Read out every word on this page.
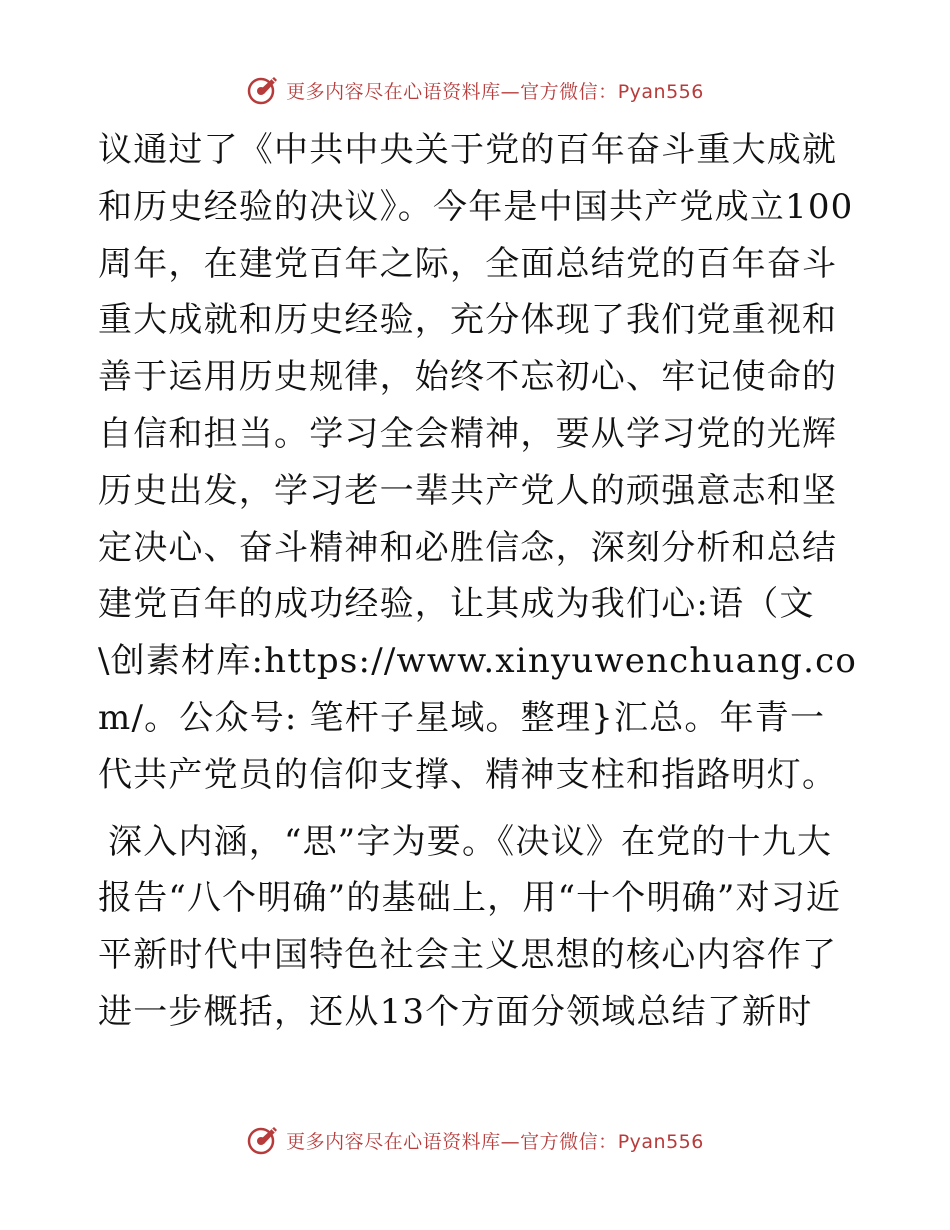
更多内容尽在心语资料库—官方微信：Pyan556

议通过了《中共中央关于党的百年奋斗重大成就和历史经验的决议》。今年是中国共产党成立100周年，在建党百年之际，全面总结党的百年奋斗重大成就和历史经验，充分体现了我们党重视和善于运用历史规律，始终不忘初心、牢记使命的自信和担当。学习全会精神，要从学习党的光辉历史出发，学习老一辈共产党人的顽强意志和坚定决心、奋斗精神和必胜信念，深刻分析和总结建党百年的成功经验，让其成为我们心:语（文\创素材库:https://www.xinyuwenchuang.com/。公众号: 笔杆子星域。整理}汇总。年青一代共产党员的信仰支撑、精神支柱和指路明灯。

深入内涵，“思”字为要。《决议》在党的十九大报告“八个明确”的基础上，用“十个明确”对习近平新时代中国特色社会主义思想的核心内容作了进一步概括，还从13个方面分领域总结了新时

更多内容尽在心语资料库—官方微信：Pyan556
